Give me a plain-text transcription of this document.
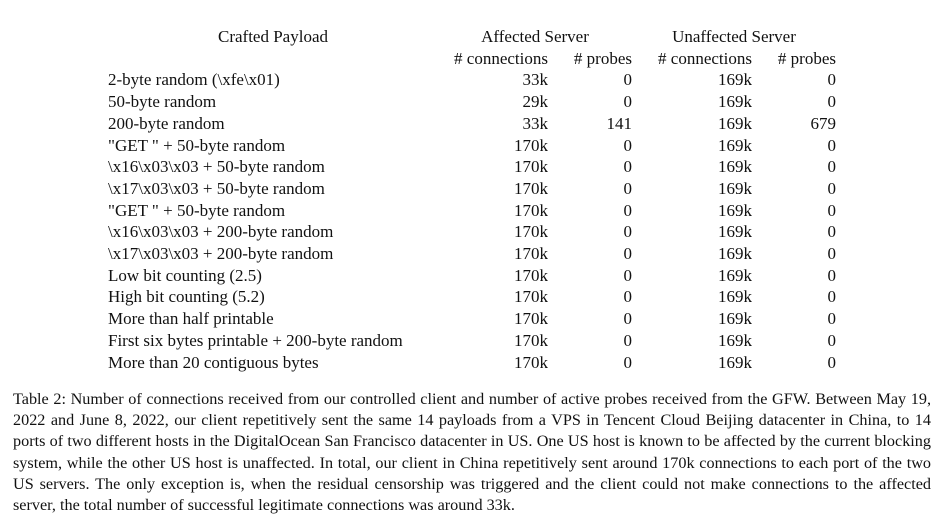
Crafted Payload	Affected Server		Unaffected Server	
	# connections	# probes	# connections	# probes
2-byte random (\xfe\x01)	33k	0	169k	0
50-byte random	29k	0	169k	0
200-byte random	33k	141	169k	679
"GET " + 50-byte random	170k	0	169k	0
\x16\x03\x03 + 50-byte random	170k	0	169k	0
\x17\x03\x03 + 50-byte random	170k	0	169k	0
"GET " + 50-byte random	170k	0	169k	0
\x16\x03\x03 + 200-byte random	170k	0	169k	0
\x17\x03\x03 + 200-byte random	170k	0	169k	0
Low bit counting (2.5)	170k	0	169k	0
High bit counting (5.2)	170k	0	169k	0
More than half printable	170k	0	169k	0
First six bytes printable + 200-byte random	170k	0	169k	0
More than 20 contiguous bytes	170k	0	169k	0
Table 2: Number of connections received from our controlled client and number of active probes received from the GFW. Between May 19, 2022 and June 8, 2022, our client repetitively sent the same 14 payloads from a VPS in Tencent Cloud Beijing datacenter in China, to 14 ports of two different hosts in the DigitalOcean San Francisco datacenter in US. One US host is known to be affected by the current blocking system, while the other US host is unaffected. In total, our client in China repetitively sent around 170k connections to each port of the two US servers. The only exception is, when the residual censorship was triggered and the client could not make connections to the affected server, the total number of successful legitimate connections was around 33k.
